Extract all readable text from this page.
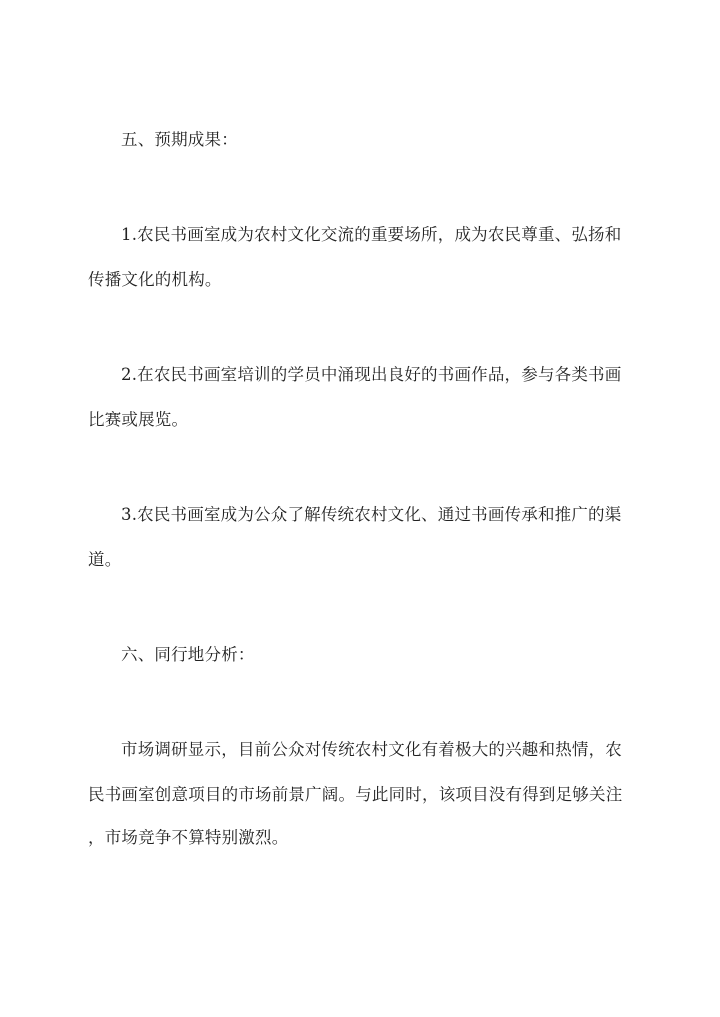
五、预期成果：
1.农民书画室成为农村文化交流的重要场所，成为农民尊重、弘扬和
传播文化的机构。
2.在农民书画室培训的学员中涌现出良好的书画作品，参与各类书画
比赛或展览。
3.农民书画室成为公众了解传统农村文化、通过书画传承和推广的渠
道。
六、同行地分析：
市场调研显示，目前公众对传统农村文化有着极大的兴趣和热情，农
民书画室创意项目的市场前景广阔。与此同时，该项目没有得到足够关注
，市场竞争不算特别激烈。
